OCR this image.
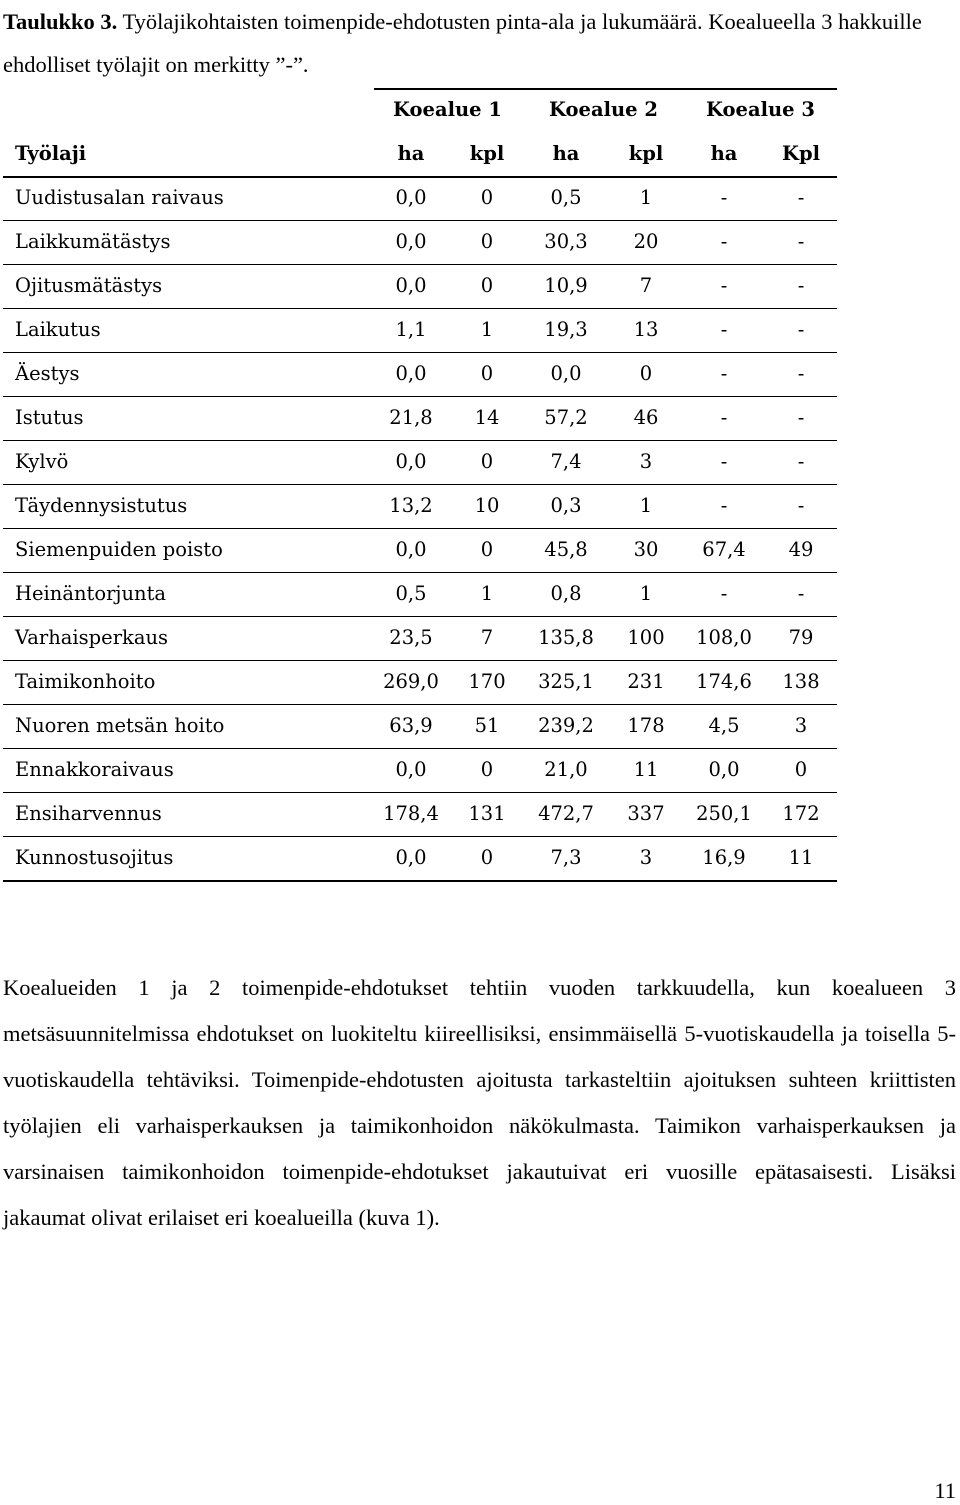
Taulukko 3. Työlajikohtaisten toimenpide-ehdotusten pinta-ala ja lukumäärä. Koealueella 3 hakkuille ehdolliset työlajit on merkitty ”-”.
Koealue 1	Koealue 2	Koealue 3
Työlaji	ha	kpl	ha	kpl	ha	Kpl
Uudistusalan raivaus	0,0	0	0,5	1	-	-
Laikkumätästys	0,0	0	30,3	20	-	-
Ojitusmätästys	0,0	0	10,9	7	-	-
Laikutus	1,1	1	19,3	13	-	-
Äestys	0,0	0	0,0	0	-	-
Istutus	21,8	14	57,2	46	-	-
Kylvö	0,0	0	7,4	3	-	-
Täydennysistutus	13,2	10	0,3	1	-	-
Siemenpuiden poisto	0,0	0	45,8	30	67,4	49
Heinäntorjunta	0,5	1	0,8	1	-	-
Varhaisperkaus	23,5	7	135,8	100	108,0	79
Taimikonhoito	269,0	170	325,1	231	174,6	138
Nuoren metsän hoito	63,9	51	239,2	178	4,5	3
Ennakkoraivaus	0,0	0	21,0	11	0,0	0
Ensiharvennus	178,4	131	472,7	337	250,1	172
Kunnostusojitus	0,0	0	7,3	3	16,9	11

Koealueiden 1 ja 2 toimenpide-ehdotukset tehtiin vuoden tarkkuudella, kun koealueen 3 metsäsuunnitelmissa ehdotukset on luokiteltu kiireellisiksi, ensimmäisellä 5-vuotiskaudella ja toisella 5-vuotiskaudella tehtäviksi. Toimenpide-ehdotusten ajoitusta tarkasteltiin ajoituksen suhteen kriittisten työlajien eli varhaisperkauksen ja taimikonhoidon näkökulmasta. Taimikon varhaisperkauksen ja varsinaisen taimikonhoidon toimenpide-ehdotukset jakautuivat eri vuosille epätasaisesti. Lisäksi jakaumat olivat erilaiset eri koealueilla (kuva 1).

11
